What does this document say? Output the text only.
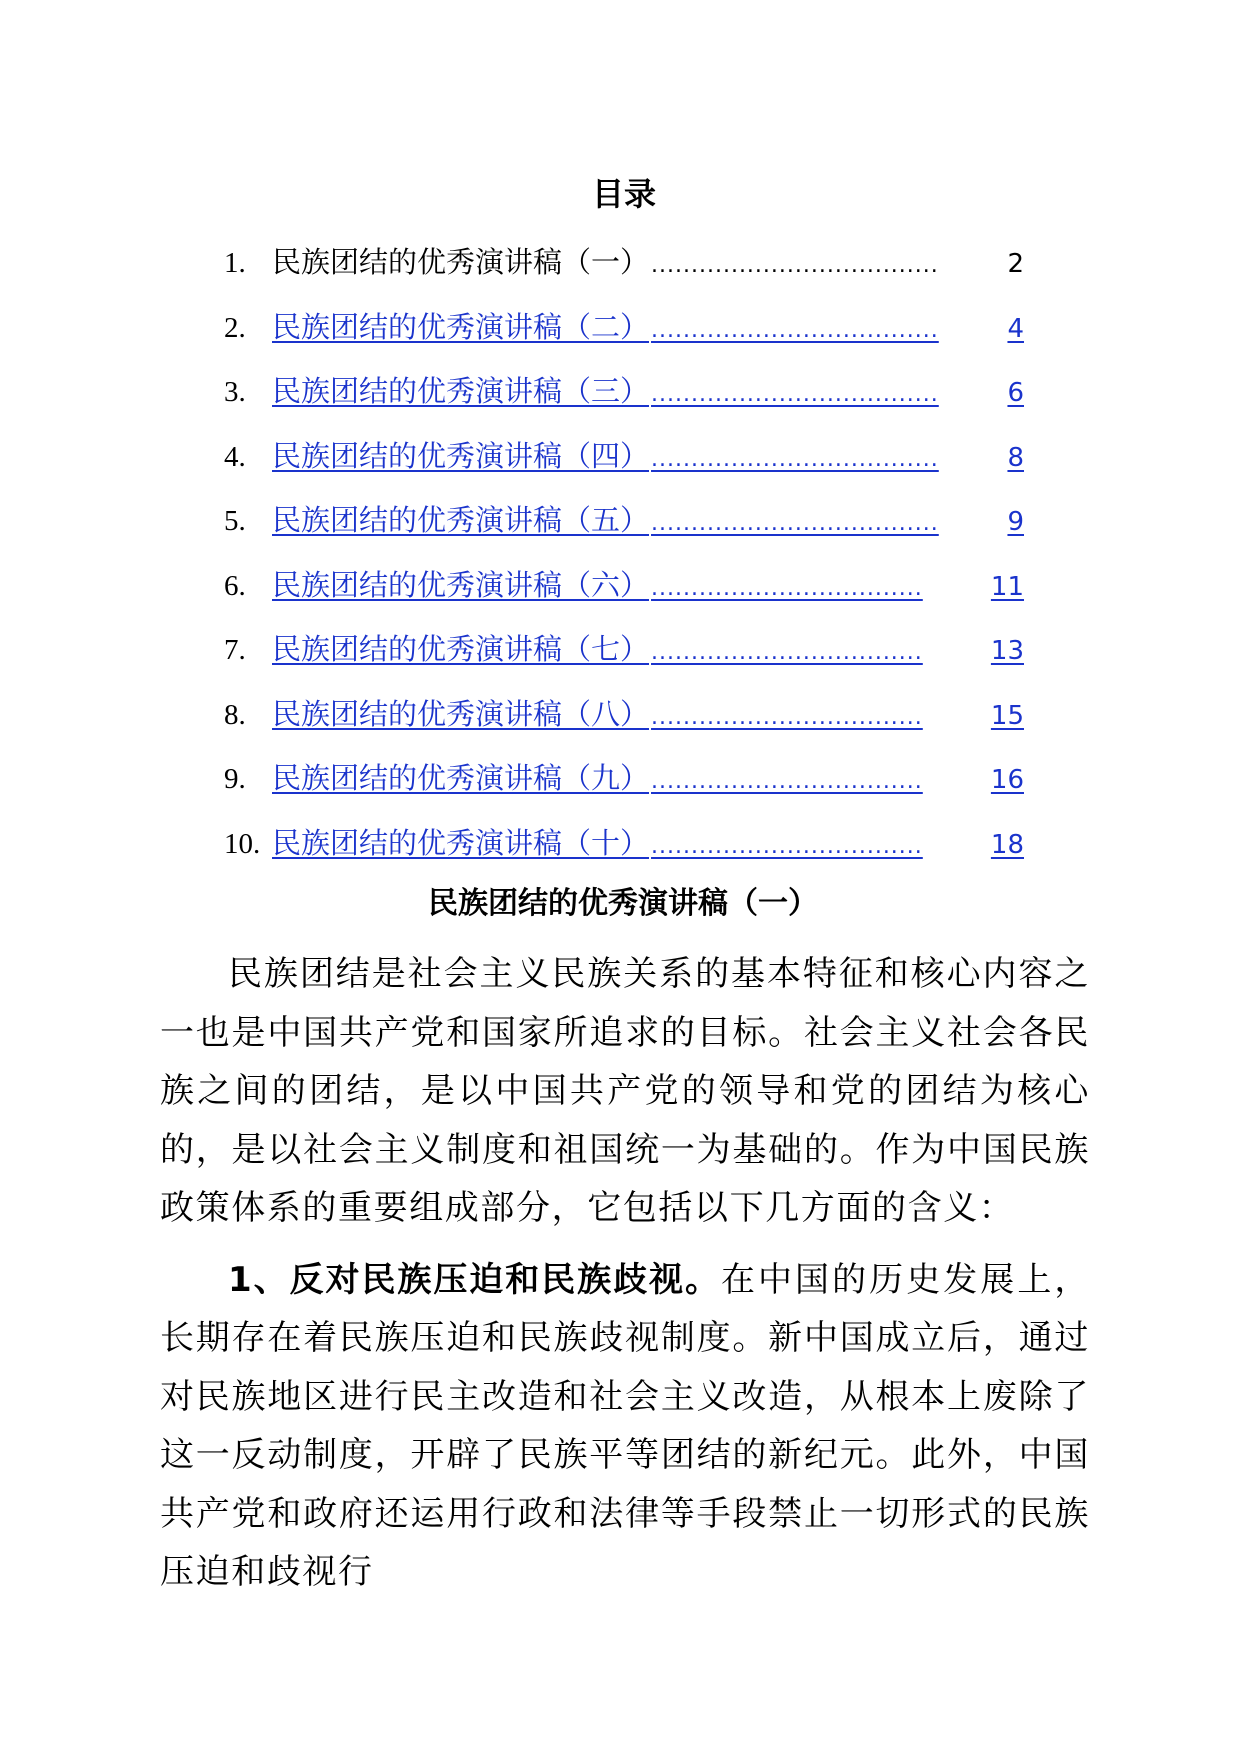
目录
1. 民族团结的优秀演讲稿（一） ....................................	2
2. 民族团结的优秀演讲稿（二） ....................................	4
3. 民族团结的优秀演讲稿（三） ....................................	6
4. 民族团结的优秀演讲稿（四） ....................................	8
5. 民族团结的优秀演讲稿（五） ....................................	9
6. 民族团结的优秀演讲稿（六） ..................................	11
7. 民族团结的优秀演讲稿（七） ..................................	13
8. 民族团结的优秀演讲稿（八） ..................................	15
9. 民族团结的优秀演讲稿（九） ..................................	16
10. 民族团结的优秀演讲稿（十） ..................................	18
民族团结的优秀演讲稿（一）

民族团结是社会主义民族关系的基本特征和核心内容之一也是中国共产党和国家所追求的目标。社会主义社会各民族之间的团结，是以中国共产党的领导和党的团结为核心的，是以社会主义制度和祖国统一为基础的。作为中国民族政策体系的重要组成部分，它包括以下几方面的含义：

1、反对民族压迫和民族歧视。在中国的历史发展上，长期存在着民族压迫和民族歧视制度。新中国成立后，通过对民族地区进行民主改造和社会主义改造，从根本上废除了这一反动制度，开辟了民族平等团结的新纪元。此外，中国共产党和政府还运用行政和法律等手段禁止一切形式的民族压迫和歧视行
